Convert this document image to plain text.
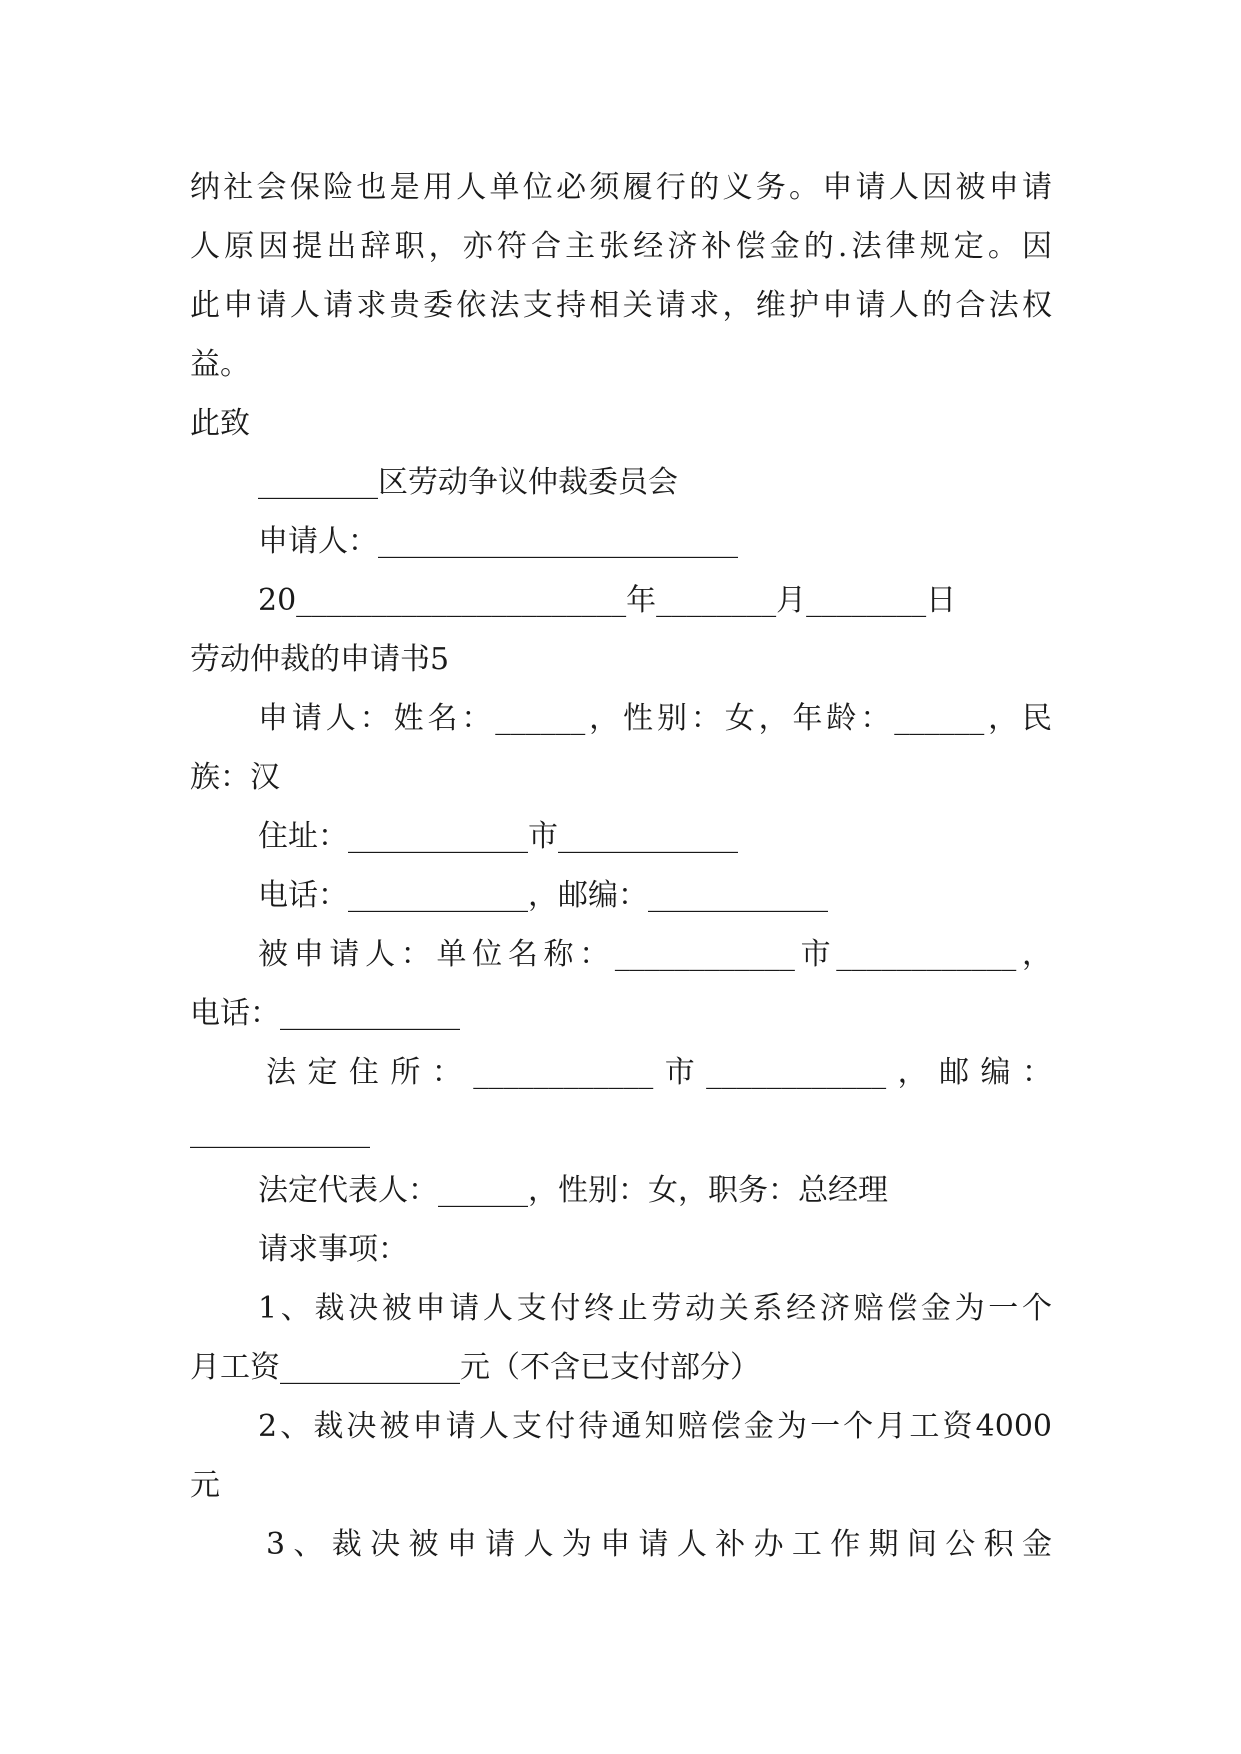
纳社会保险也是用人单位必须履行的义务。申请人因被申请
人原因提出辞职，亦符合主张经济补偿金的.法律规定。因
此申请人请求贵委依法支持相关请求，维护申请人的合法权
益。
此致
________区劳动争议仲裁委员会
申请人：________________________
20______________________年________月________日
劳动仲裁的申请书5
申请人：姓名：______，性别：女，年龄：______，民
族：汉
住址：____________市____________
电话：____________，邮编：____________
被申请人：单位名称：____________市____________，
电话：____________
法定住所：____________市____________，邮编：
____________
法定代表人：______，性别：女，职务：总经理
请求事项：
1、裁决被申请人支付终止劳动关系经济赔偿金为一个
月工资____________元（不含已支付部分）
2、裁决被申请人支付待通知赔偿金为一个月工资4000
元
3、裁决被申请人为申请人补办工作期间公积金
